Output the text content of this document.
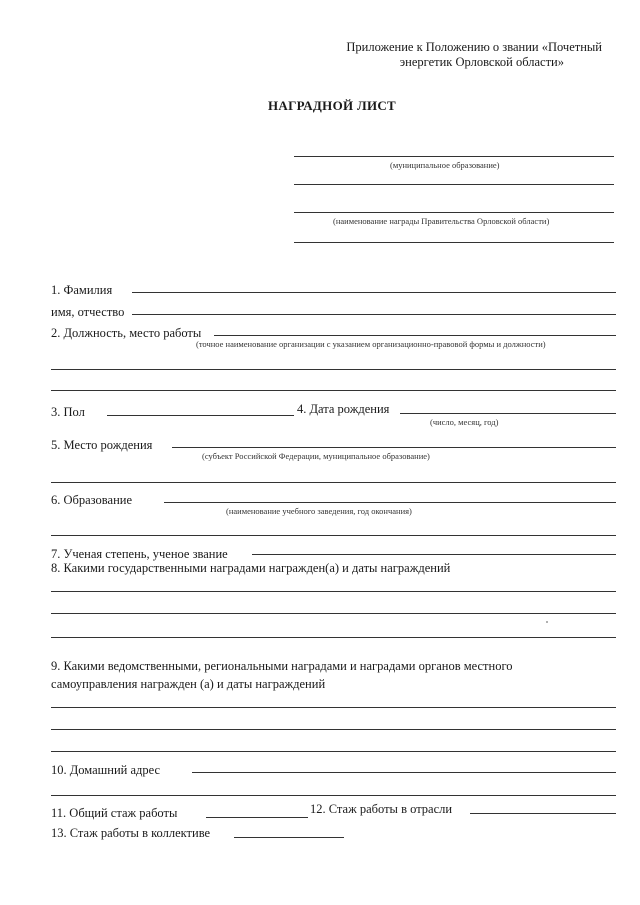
Приложение к Положению о звании «Почетный
энергетик Орловской области»
НАГРАДНОЙ ЛИСТ
(муниципальное образование)
(наименование награды Правительства Орловской области)
1. Фамилия
имя, отчество
2. Должность, место работы
(точное наименование организации с указанием организационно-правовой формы и должности)
3. Пол	4. Дата рождения
(число, месяц, год)
5. Место рождения
(субъект Российской Федерации, муниципальное образование)
6. Образование
(наименование учебного заведения, год окончания)
7. Ученая степень, ученое звание
8. Какими государственными наградами награжден(а) и даты награждений
9. Какими ведомственными, региональными наградами и наградами органов местного
самоуправления награжден (а) и даты награждений
10. Домашний адрес
11. Общий стаж работы	12. Стаж работы в отрасли
13. Стаж работы в коллективе
